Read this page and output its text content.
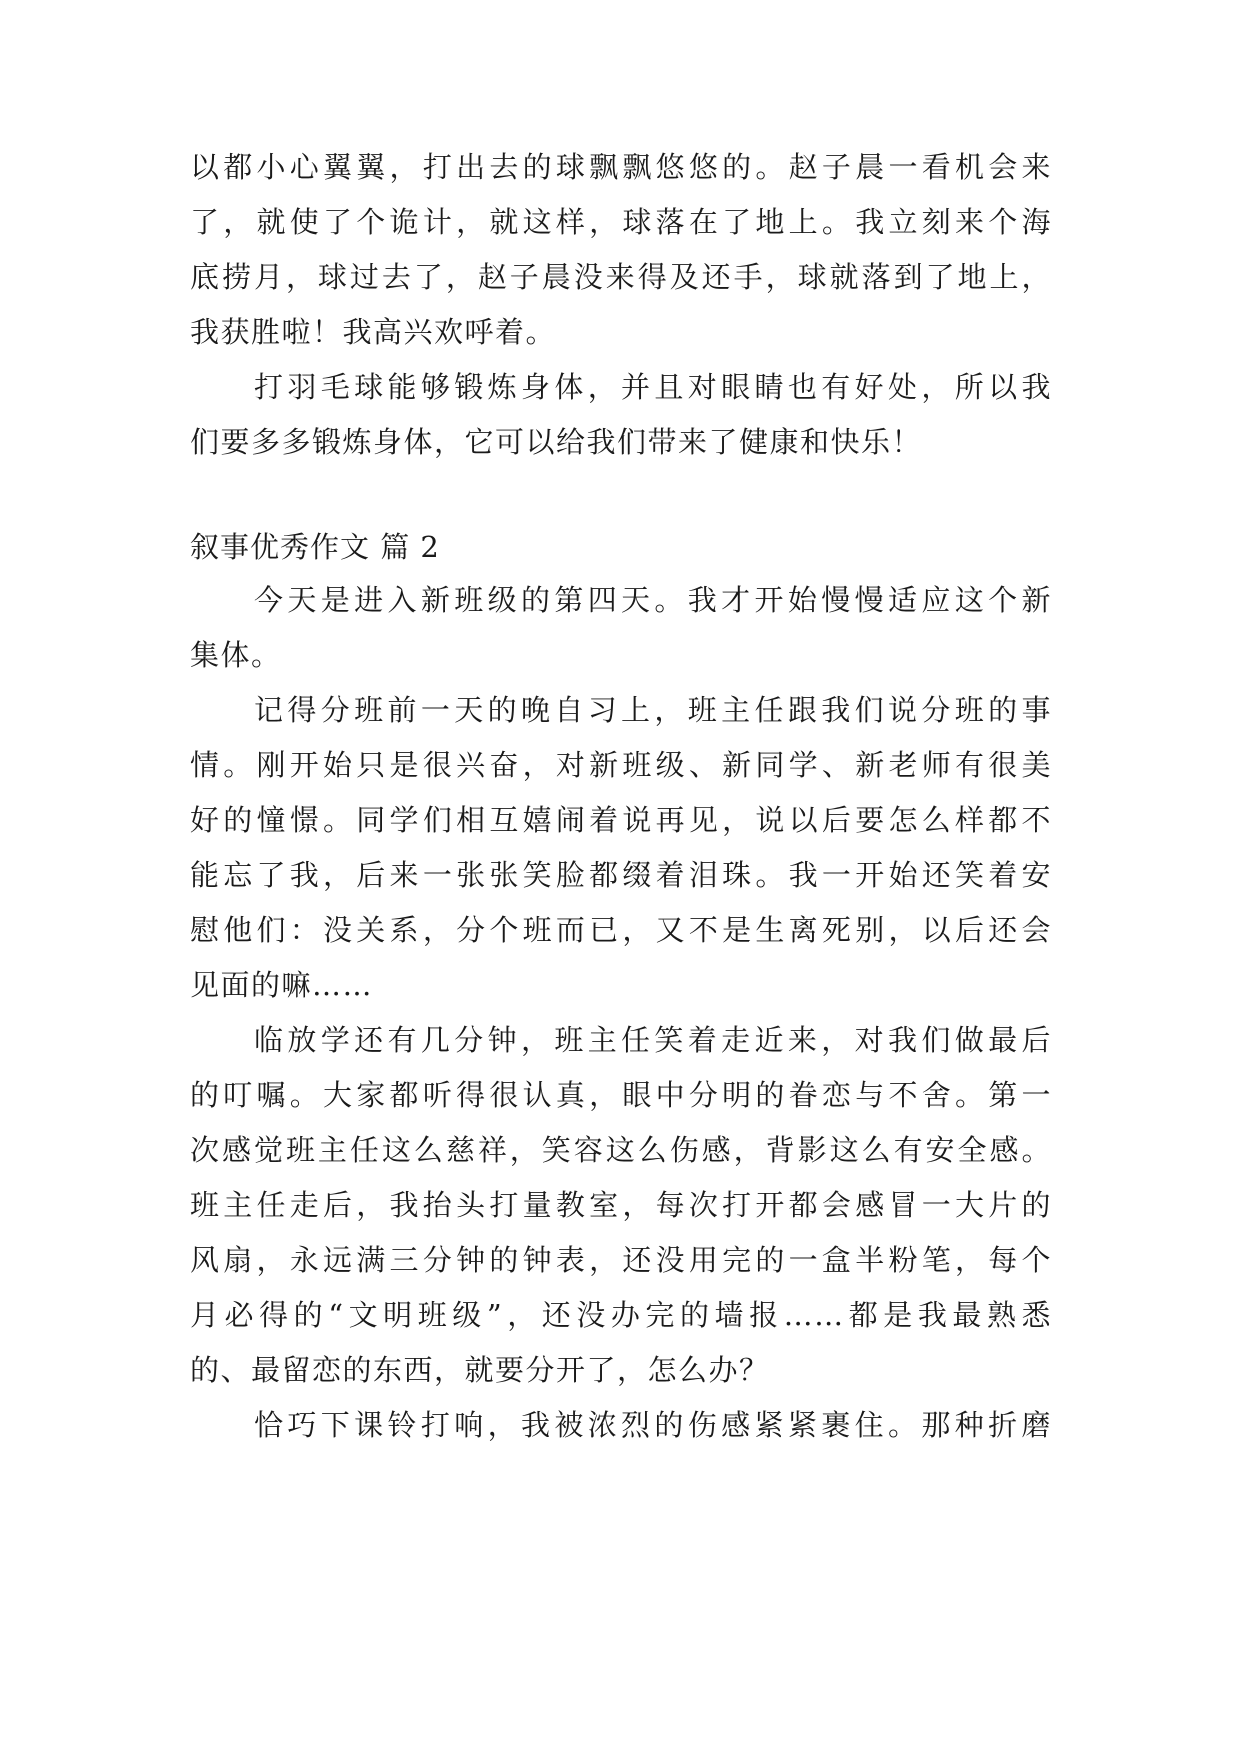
以都小心翼翼，打出去的球飘飘悠悠的。赵子晨一看机会来
了，就使了个诡计，就这样，球落在了地上。我立刻来个海
底捞月，球过去了，赵子晨没来得及还手，球就落到了地上，
我获胜啦！我高兴欢呼着。
打羽毛球能够锻炼身体，并且对眼睛也有好处，所以我
们要多多锻炼身体，它可以给我们带来了健康和快乐！
叙事优秀作文 篇 2
今天是进入新班级的第四天。我才开始慢慢适应这个新
集体。
记得分班前一天的晚自习上，班主任跟我们说分班的事
情。刚开始只是很兴奋，对新班级、新同学、新老师有很美
好的憧憬。同学们相互嬉闹着说再见，说以后要怎么样都不
能忘了我，后来一张张笑脸都缀着泪珠。我一开始还笑着安
慰他们：没关系，分个班而已，又不是生离死别，以后还会
见面的嘛……
临放学还有几分钟，班主任笑着走近来，对我们做最后
的叮嘱。大家都听得很认真，眼中分明的眷恋与不舍。第一
次感觉班主任这么慈祥，笑容这么伤感，背影这么有安全感。
班主任走后，我抬头打量教室，每次打开都会感冒一大片的
风扇，永远满三分钟的钟表，还没用完的一盒半粉笔，每个
月必得的“文明班级”，还没办完的墙报……都是我最熟悉
的、最留恋的东西，就要分开了，怎么办？
恰巧下课铃打响，我被浓烈的伤感紧紧裹住。那种折磨
